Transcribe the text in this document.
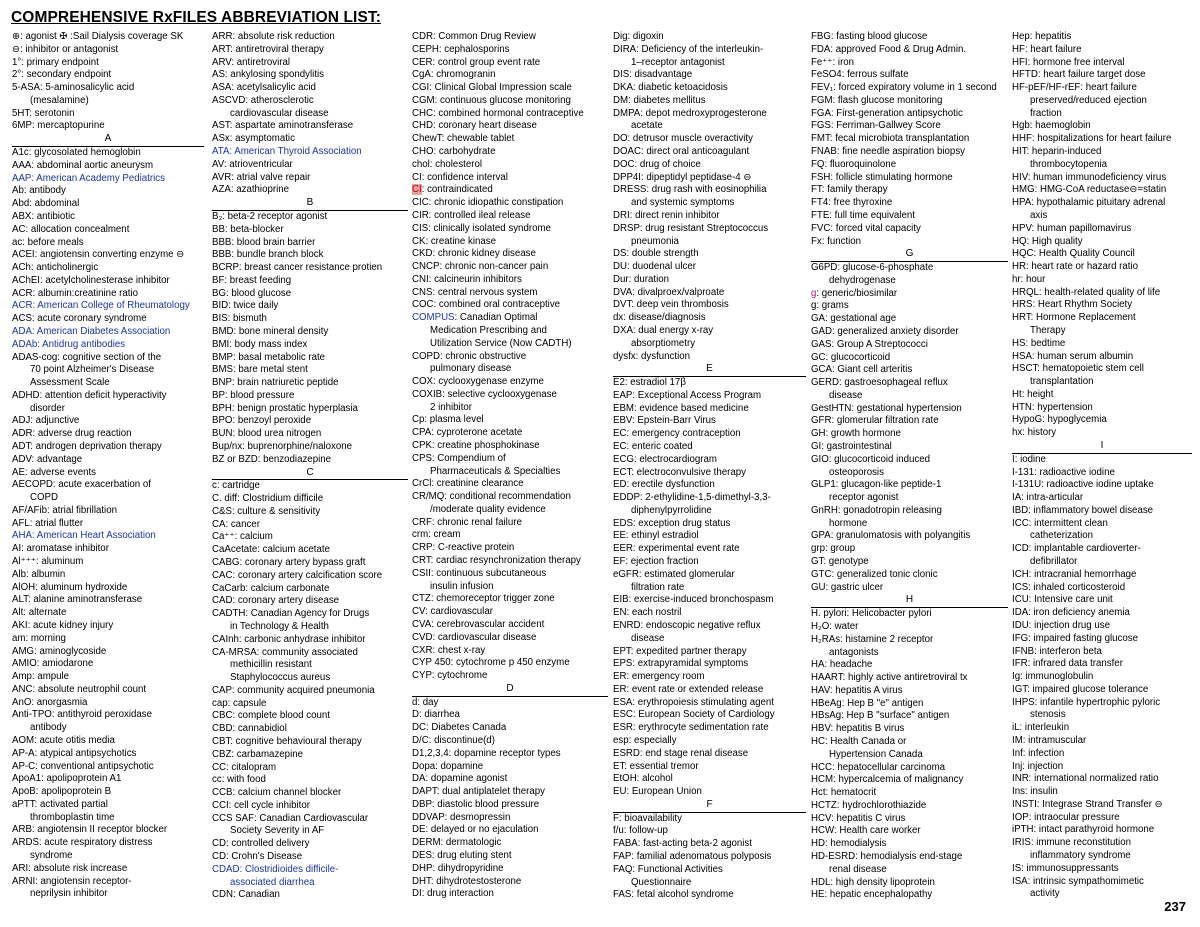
COMPREHENSIVE RxFILES ABBREVIATION LIST:
⊕: agonist ✠ :Sail Dialysis coverage SK
⊖: inhibitor or antagonist
1°: primary endpoint
2°: secondary endpoint
5-ASA: 5-aminosalicylic acid
(mesalamine)
5HT: serotonin
6MP: mercaptopurine
A
A1c: glycosolated hemoglobin
AAA: abdominal aortic aneurysm
AAP: American Academy Pediatrics
Ab: antibody
Abd: abdominal
ABX: antibiotic
AC: allocation concealment
ac: before meals
ACEI: angiotensin converting enzyme ⊖
ACh: anticholinergic
AChEI: acetylcholinesterase inhibitor
ACR: albumin:creatinine ratio
ACR: American College of Rheumatology
ACS: acute coronary syndrome
ADA: American Diabetes Association
ADAb: Antidrug antibodies
ADAS-cog: cognitive section of the
70 point Alzheimer's Disease
Assessment Scale
ADHD: attention deficit hyperactivity
disorder
ADJ: adjunctive
ADR: adverse drug reaction
ADT: androgen deprivation therapy
ADV: advantage
AE: adverse events
AECOPD: acute exacerbation of
COPD
AF/AFib: atrial fibrillation
AFL: atrial flutter
AHA: American Heart Association
AI: aromatase inhibitor
Al⁺⁺⁺: aluminum
Alb: albumin
AlOH: aluminum hydroxide
ALT: alanine aminotransferase
Alt: alternate
AKI: acute kidney injury
am: morning
AMG: aminoglycoside
AMIO: amiodarone
Amp: ampule
ANC: absolute neutrophil count
AnO: anorgasmia
Anti-TPO: antithyroid peroxidase
antibody
AOM: acute otitis media
AP-A: atypical antipsychotics
AP-C: conventional antipsychotic
ApoA1: apolipoprotein A1
ApoB: apolipoprotein B
aPTT: activated partial
thromboplastin time
ARB: angiotensin II receptor blocker
ARDS: acute respiratory distress
syndrome
ARI: absolute risk increase
ARNI: angiotensin receptor-
neprilysin inhibitor
ARR: absolute risk reduction
ART: antiretroviral therapy
ARV: antiretroviral
AS: ankylosing spondylitis
ASA: acetylsalicylic acid
ASCVD: atherosclerotic
cardiovascular disease
AST: aspartate aminotransferase
ASx: asymptomatic
ATA: American Thyroid Association
AV: atrioventricular
AVR: atrial valve repair
AZA: azathioprine
B
B₂: beta-2 receptor agonist
BB: beta-blocker
BBB: blood brain barrier
BBB: bundle branch block
BCRP: breast cancer resistance protien
BF: breast feeding
BG: blood glucose
BID: twice daily
BIS: bismuth
BMD: bone mineral density
BMI: body mass index
BMP: basal metabolic rate
BMS: bare metal stent
BNP: brain natriuretic peptide
BP: blood pressure
BPH: benign prostatic hyperplasia
BPO: benzoyl peroxide
BUN: blood urea nitrogen
Bup/nx: buprenorphine/naloxone
BZ or BZD: benzodiazepine
C
c: cartridge
C. diff: Clostridium difficile
C&S: culture & sensitivity
CA: cancer
Ca⁺⁺: calcium
CaAcetate: calcium acetate
CABG: coronary artery bypass graft
CAC: coronary artery calcification score
CaCarb: calcium carbonate
CAD: coronary artery disease
CADTH: Canadian Agency for Drugs
in Technology & Health
CAInh: carbonic anhydrase inhibitor
CA-MRSA: community associated
methicillin resistant
Staphylococcus aureus
CAP: community acquired pneumonia
cap: capsule
CBC: complete blood count
CBD: cannabidiol
CBT: cognitive behavioural therapy
CBZ: carbamazepine
CC: citalopram
cc: with food
CCB: calcium channel blocker
CCI: cell cycle inhibitor
CCS SAF: Canadian Cardiovascular
Society Severity in AF
CD: controlled delivery
CD: Crohn's Disease
CDAD: Clostridioides difficile-
associated diarrhea
CDN: Canadian
CDR: Common Drug Review
CEPH: cephalosporins
CER: control group event rate
CgA: chromogranin
CGI: Clinical Global Impression scale
CGM: continuous glucose monitoring
CHC: combined hormonal contraceptive
CHD: coronary heart disease
ChewT: chewable tablet
CHO: carbohydrate
chol: cholesterol
CI: confidence interval
CI: contraindicated
CIC: chronic idiopathic constipation
CIR: controlled ileal release
CIS: clinically isolated syndrome
CK: creatine kinase
CKD: chronic kidney disease
CNCP: chronic non-cancer pain
CNI: calcineurin inhibitors
CNS: central nervous system
COC: combined oral contraceptive
COMPUS: Canadian Optimal
Medication Prescribing and
Utilization Service (Now CADTH)
COPD: chronic obstructive
pulmonary disease
COX: cyclooxygenase enzyme
COXIB: selective cyclooxygenase
2 inhibitor
Cp: plasma level
CPA: cyproterone acetate
CPK: creatine phosphokinase
CPS: Compendium of
Pharmaceuticals & Specialties
CrCl: creatinine clearance
CR/MQ: conditional recommendation
/moderate quality evidence
CRF: chronic renal failure
crm: cream
CRP: C-reactive protein
CRT: cardiac resynchronization therapy
CSII: continuous subcutaneous
insulin infusion
CTZ: chemoreceptor trigger zone
CV: cardiovascular
CVA: cerebrovascular accident
CVD: cardiovascular disease
CXR: chest x-ray
CYP 450: cytochrome p 450 enzyme
CYP: cytochrome
D
d: day
D: diarrhea
DC: Diabetes Canada
D/C: discontinue(d)
D1,2,3,4: dopamine receptor types
Dopa: dopamine
DA: dopamine agonist
DAPT: dual antiplatelet therapy
DBP: diastolic blood pressure
DDVAP: desmopressin
DE: delayed or no ejaculation
DERM: dermatologic
DES: drug eluting stent
DHP: dihydropyridine
DHT: dihydrotestosterone
DI: drug interaction
Dig: digoxin
DIRA: Deficiency of the interleukin-
1–receptor antagonist
DIS: disadvantage
DKA: diabetic ketoacidosis
DM: diabetes mellitus
DMPA: depot medroxyprogesterone
acetate
DO: detrusor muscle overactivity
DOAC: direct oral anticoagulant
DOC: drug of choice
DPP4I: dipeptidyl peptidase-4 ⊖
DRESS: drug rash with eosinophilia
and systemic symptoms
DRI: direct renin inhibitor
DRSP: drug resistant Streptococcus
pneumonia
DS: double strength
DU: duodenal ulcer
Dur: duration
DVA: divalproex/valproate
DVT: deep vein thrombosis
dx: disease/diagnosis
DXA: dual energy x-ray
absorptiometry
dysfx: dysfunction
E
E2: estradiol 17β
EAP: Exceptional Access Program
EBM: evidence based medicine
EBV: Epstein-Barr Virus
EC: emergency contraception
EC: enteric coated
ECG: electrocardiogram
ECT: electroconvulsive therapy
ED: erectile dysfunction
EDDP: 2-ethylidine-1,5-dimethyl-3,3-
diphenylpyrrolidine
EDS: exception drug status
EE: ethinyl estradiol
EER: experimental event rate
EF: ejection fraction
eGFR: estimated glomerular
filtration rate
EIB: exercise-induced bronchospasm
EN: each nostril
ENRD: endoscopic negative reflux
disease
EPT: expedited partner therapy
EPS: extrapyramidal symptoms
ER: emergency room
ER: event rate or extended release
ESA: erythropoiesis stimulating agent
ESC: European Society of Cardiology
ESR: erythrocyte sedimentation rate
esp: especially
ESRD: end stage renal disease
ET: essential tremor
EtOH: alcohol
EU: European Union
F
F: bioavailability
f/u: follow-up
FABA: fast-acting beta-2 agonist
FAP: familial adenomatous polyposis
FAQ: Functional Activities
Questionnaire
FAS: fetal alcohol syndrome
FBG: fasting blood glucose
FDA: approved Food & Drug Admin.
Fe⁺⁺: iron
FeSO4: ferrous sulfate
FEV₁: forced expiratory volume in 1 second
FGM: flash glucose monitoring
FGA: First-generation antipsychotic
FGS: Ferriman-Gallwey Score
FMT: fecal microbiota transplantation
FNAB: fine needle aspiration biopsy
FQ: fluoroquinolone
FSH: follicle stimulating hormone
FT: family therapy
FT4: free thyroxine
FTE: full time equivalent
FVC: forced vital capacity
Fx: function
G
G6PD: glucose-6-phosphate
dehydrogenase
g: generic/biosimilar
g: grams
GA: gestational age
GAD: generalized anxiety disorder
GAS: Group A Streptococci
GC: glucocorticoid
GCA: Giant cell arteritis
GERD: gastroesophageal reflux
disease
GestHTN: gestational hypertension
GFR: glomerular filtration rate
GH: growth hormone
GI: gastrointestinal
GIO: glucocorticoid induced
osteoporosis
GLP1: glucagon-like peptide-1
receptor agonist
GnRH: gonadotropin releasing
hormone
GPA: granulomatosis with polyangitis
grp: group
GT: genotype
GTC: generalized tonic clonic
GU: gastric ulcer
H
H. pylori: Helicobacter pylori
H₂O: water
H₂RAs: histamine 2 receptor
antagonists
HA: headache
HAART: highly active antiretroviral tx
HAV: hepatitis A virus
HBeAg: Hep B "e" antigen
HBsAg: Hep B "surface" antigen
HBV: hepatitis B virus
HC: Health Canada or
Hypertension Canada
HCC: hepatocellular carcinoma
HCM: hypercalcemia of malignancy
Hct: hematocrit
HCTZ: hydrochlorothiazide
HCV: hepatitis C virus
HCW: Health care worker
HD: hemodialysis
HD-ESRD: hemodialysis end-stage
renal disease
HDL: high density lipoprotein
HE: hepatic encephalopathy
Hep: hepatitis
HF: heart failure
HFI: hormone free interval
HFTD: heart failure target dose
HF-pEF/HF-rEF: heart failure
preserved/reduced ejection
fraction
Hgb: haemoglobin
HHF: hospitalizations for heart failure
HIT: heparin-induced
thrombocytopenia
HIV: human immunodeficiency virus
HMG: HMG-CoA reductase⊖=statin
HPA: hypothalamic pituitary adrenal
axis
HPV: human papillomavirus
HQ: High quality
HQC: Health Quality Council
HR: heart rate or hazard ratio
hr: hour
HRQL: health-related quality of life
HRS: Heart Rhythm Society
HRT: Hormone Replacement
Therapy
HS: bedtime
HSA: human serum albumin
HSCT: hematopoietic stem cell
transplantation
Ht: height
HTN: hypertension
HypoG: hypoglycemia
hx: history
I
I: iodine
I-131: radioactive iodine
I-131U: radioactive iodine uptake
IA: intra-articular
IBD: inflammatory bowel disease
ICC: intermittent clean
catheterization
ICD: implantable cardioverter-
defibrillator
ICH: intracranial hemorrhage
ICS: inhaled corticosteroid
ICU: Intensive care unit
IDA: iron deficiency anemia
IDU: injection drug use
IFG: impaired fasting glucose
IFNB: interferon beta
IFR: infrared data transfer
Ig: immunoglobulin
IGT: impaired glucose tolerance
IHPS: infantile hypertrophic pyloric
stenosis
iL: interleukin
IM: intramuscular
Inf: infection
Inj: injection
INR: international normalized ratio
Ins: insulin
INSTI: Integrase Strand Transfer ⊖
IOP: intraocular pressure
iPTH: intact parathyroid hormone
IRIS: immune reconstitution
inflammatory syndrome
IS: immunosuppressants
ISA: intrinsic sympathomimetic
activity
237
